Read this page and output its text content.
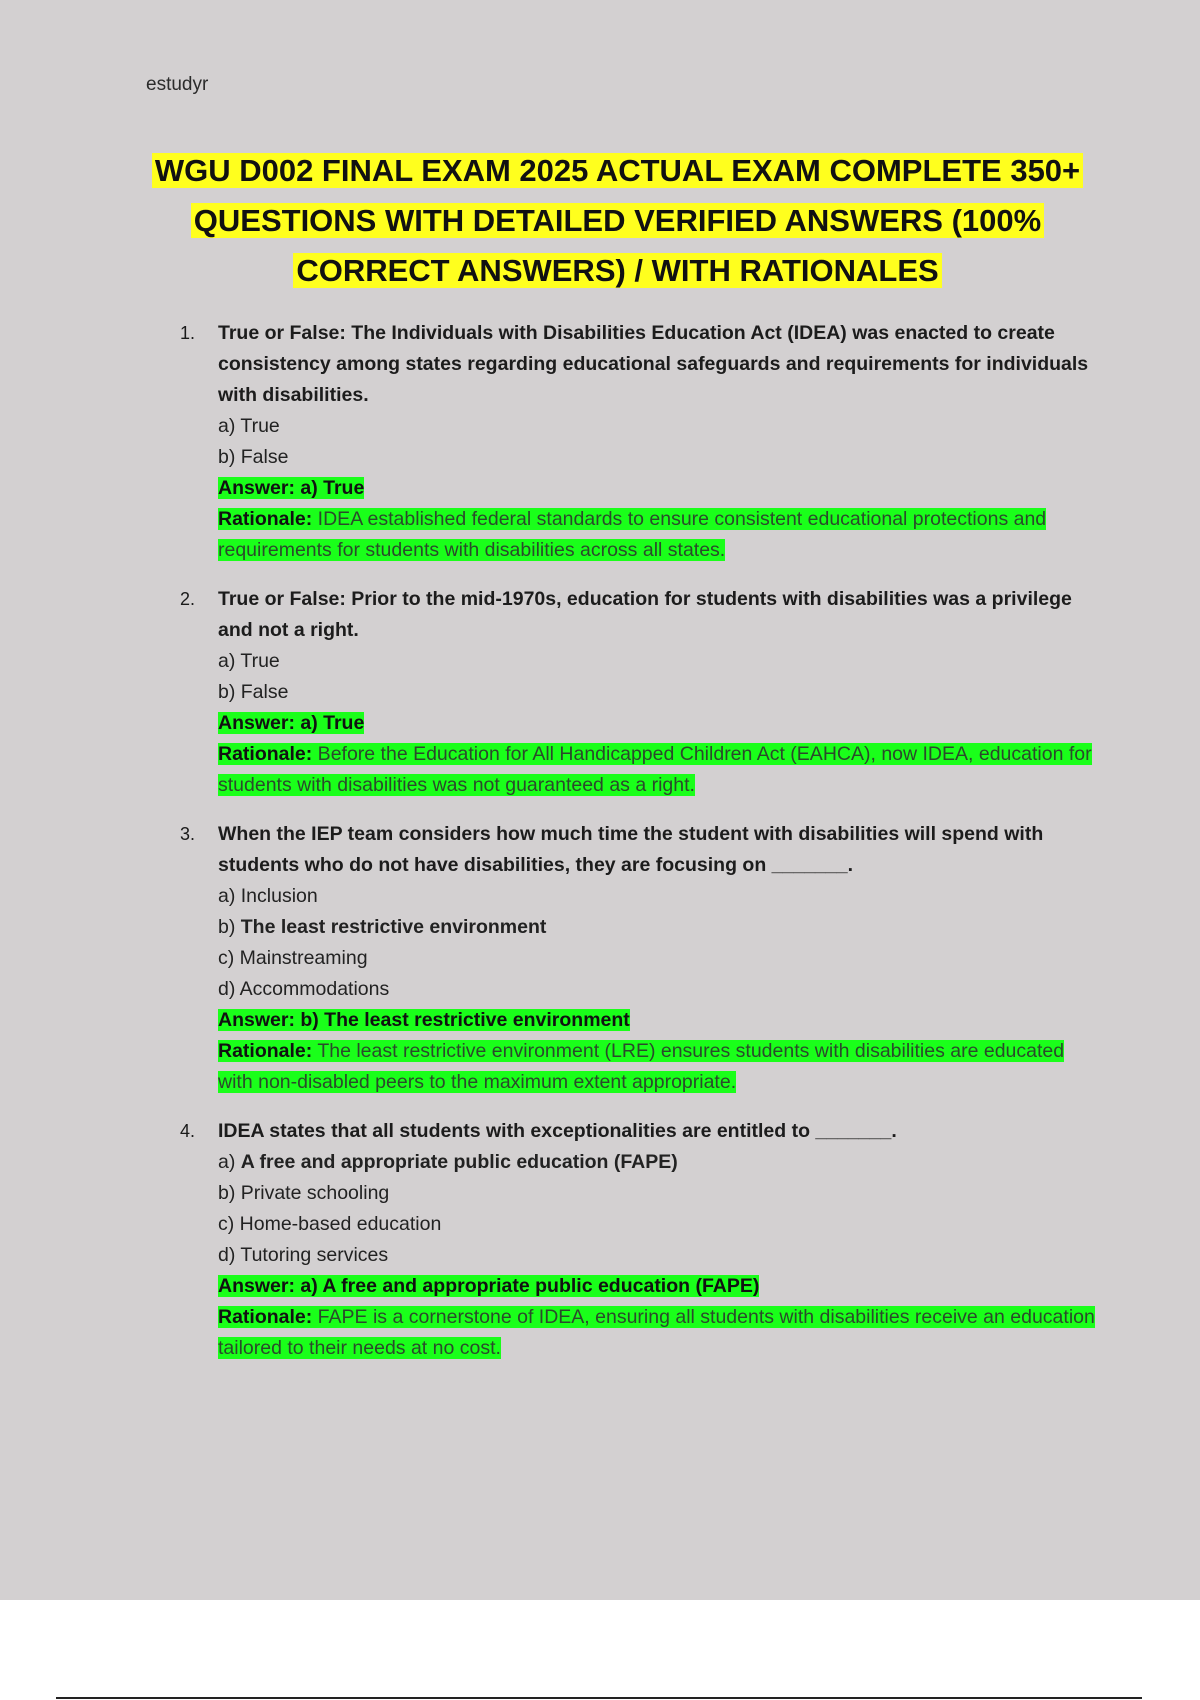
estudyr
WGU D002 FINAL EXAM 2025 ACTUAL EXAM COMPLETE 350+
QUESTIONS WITH DETAILED VERIFIED ANSWERS (100%
CORRECT ANSWERS) / WITH RATIONALES
1. True or False: The Individuals with Disabilities Education Act (IDEA) was enacted to create consistency among states regarding educational safeguards and requirements for individuals with disabilities.
a) True
b) False
Answer: a) True
Rationale: IDEA established federal standards to ensure consistent educational protections and requirements for students with disabilities across all states.
2. True or False: Prior to the mid-1970s, education for students with disabilities was a privilege and not a right.
a) True
b) False
Answer: a) True
Rationale: Before the Education for All Handicapped Children Act (EAHCA), now IDEA, education for students with disabilities was not guaranteed as a right.
3. When the IEP team considers how much time the student with disabilities will spend with students who do not have disabilities, they are focusing on _______.
a) Inclusion
b) The least restrictive environment
c) Mainstreaming
d) Accommodations
Answer: b) The least restrictive environment
Rationale: The least restrictive environment (LRE) ensures students with disabilities are educated with non-disabled peers to the maximum extent appropriate.
4. IDEA states that all students with exceptionalities are entitled to _______.
a) A free and appropriate public education (FAPE)
b) Private schooling
c) Home-based education
d) Tutoring services
Answer: a) A free and appropriate public education (FAPE)
Rationale: FAPE is a cornerstone of IDEA, ensuring all students with disabilities receive an education tailored to their needs at no cost.
